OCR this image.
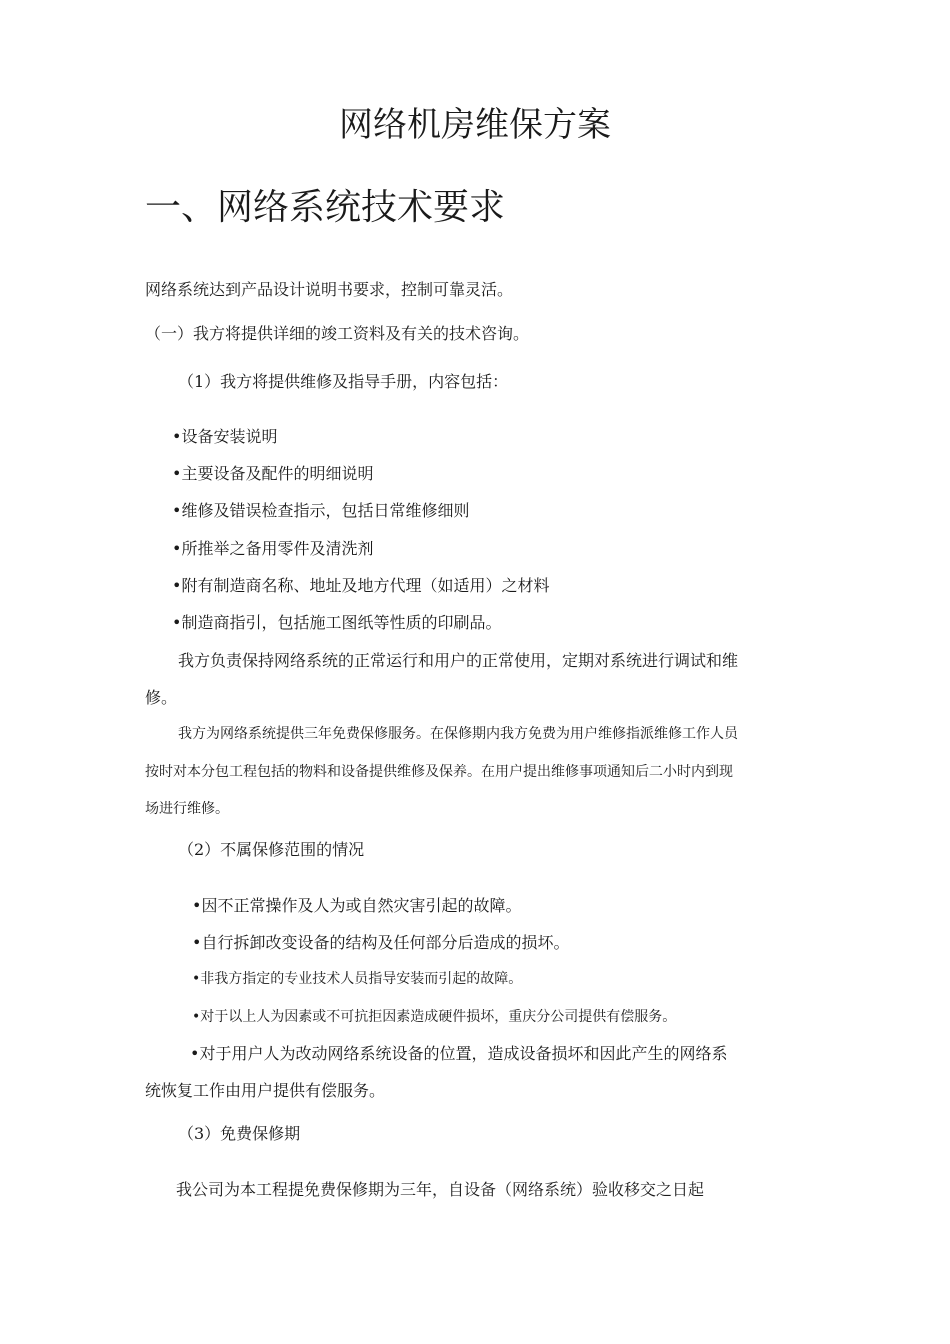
网络机房维保方案
一、网络系统技术要求

网络系统达到产品设计说明书要求，控制可靠灵活。

（一）我方将提供详细的竣工资料及有关的技术咨询。

（1）我方将提供维修及指导手册，内容包括：

•设备安装说明

•主要设备及配件的明细说明

•维修及错误检查指示，包括日常维修细则

•所推举之备用零件及清洗剂

•附有制造商名称、地址及地方代理（如适用）之材料

•制造商指引，包括施工图纸等性质的印刷品。

我方负责保持网络系统的正常运行和用户的正常使用，定期对系统进行调试和维

修。

我方为网络系统提供三年免费保修服务。在保修期内我方免费为用户维修指派维修工作人员

按时对本分包工程包括的物料和设备提供维修及保养。在用户提出维修事项通知后二小时内到现

场进行维修。

（2）不属保修范围的情况

•因不正常操作及人为或自然灾害引起的故障。

•自行拆卸改变设备的结构及任何部分后造成的损坏。

•非我方指定的专业技术人员指导安装而引起的故障。

•对于以上人为因素或不可抗拒因素造成硬件损坏，重庆分公司提供有偿服务。

•对于用户人为改动网络系统设备的位置，造成设备损坏和因此产生的网络系

统恢复工作由用户提供有偿服务。

（3）免费保修期

我公司为本工程提免费保修期为三年，自设备（网络系统）验收移交之日起
